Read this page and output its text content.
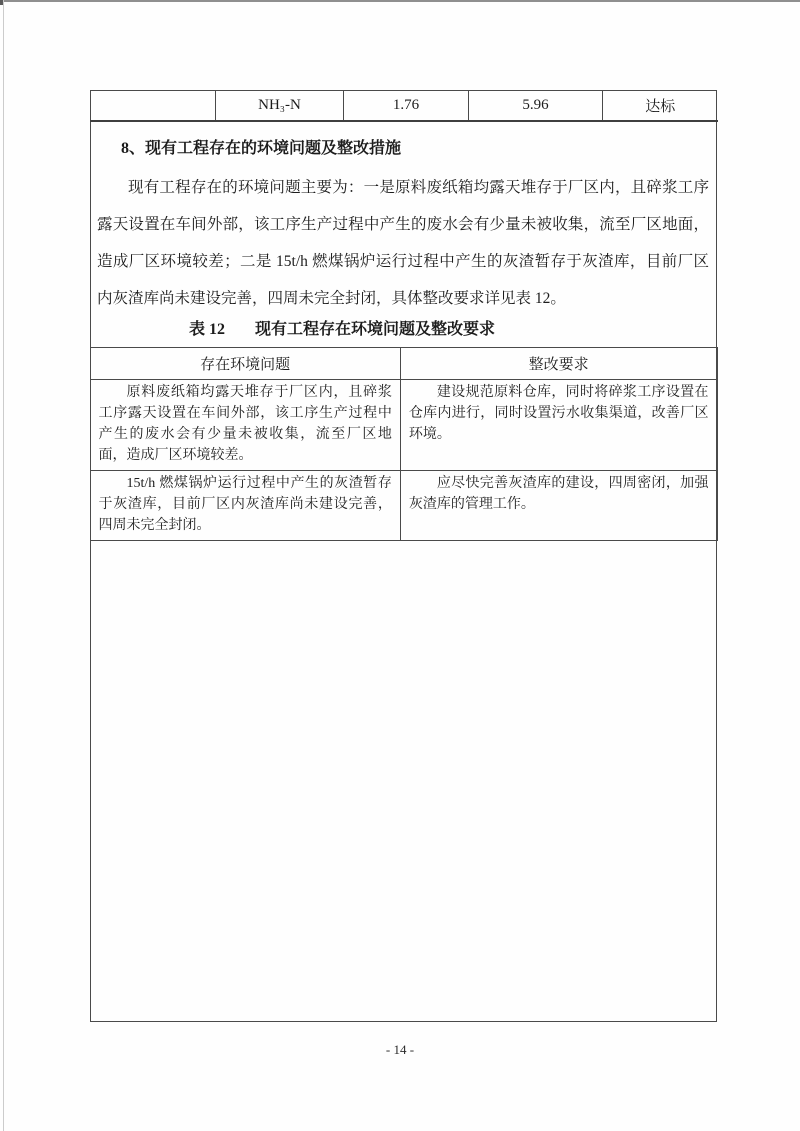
	NH₃-N	1.76	5.96	达标
8、现有工程存在的环境问题及整改措施

现有工程存在的环境问题主要为：一是原料废纸箱均露天堆存于厂区内，且碎浆工序露天设置在车间外部，该工序生产过程中产生的废水会有少量未被收集，流至厂区地面，造成厂区环境较差；二是 15t/h 燃煤锅炉运行过程中产生的灰渣暂存于灰渣库，目前厂区内灰渣库尚未建设完善，四周未完全封闭，具体整改要求详见表 12。

表 12 现有工程存在环境问题及整改要求
存在环境问题	整改要求
原料废纸箱均露天堆存于厂区内，且碎浆工序露天设置在车间外部，该工序生产过程中产生的废水会有少量未被收集，流至厂区地面，造成厂区环境较差。	建设规范原料仓库，同时将碎浆工序设置在仓库内进行，同时设置污水收集渠道，改善厂区环境。
15t/h 燃煤锅炉运行过程中产生的灰渣暂存于灰渣库，目前厂区内灰渣库尚未建设完善，四周未完全封闭。	应尽快完善灰渣库的建设，四周密闭，加强灰渣库的管理工作。
- 14 -
